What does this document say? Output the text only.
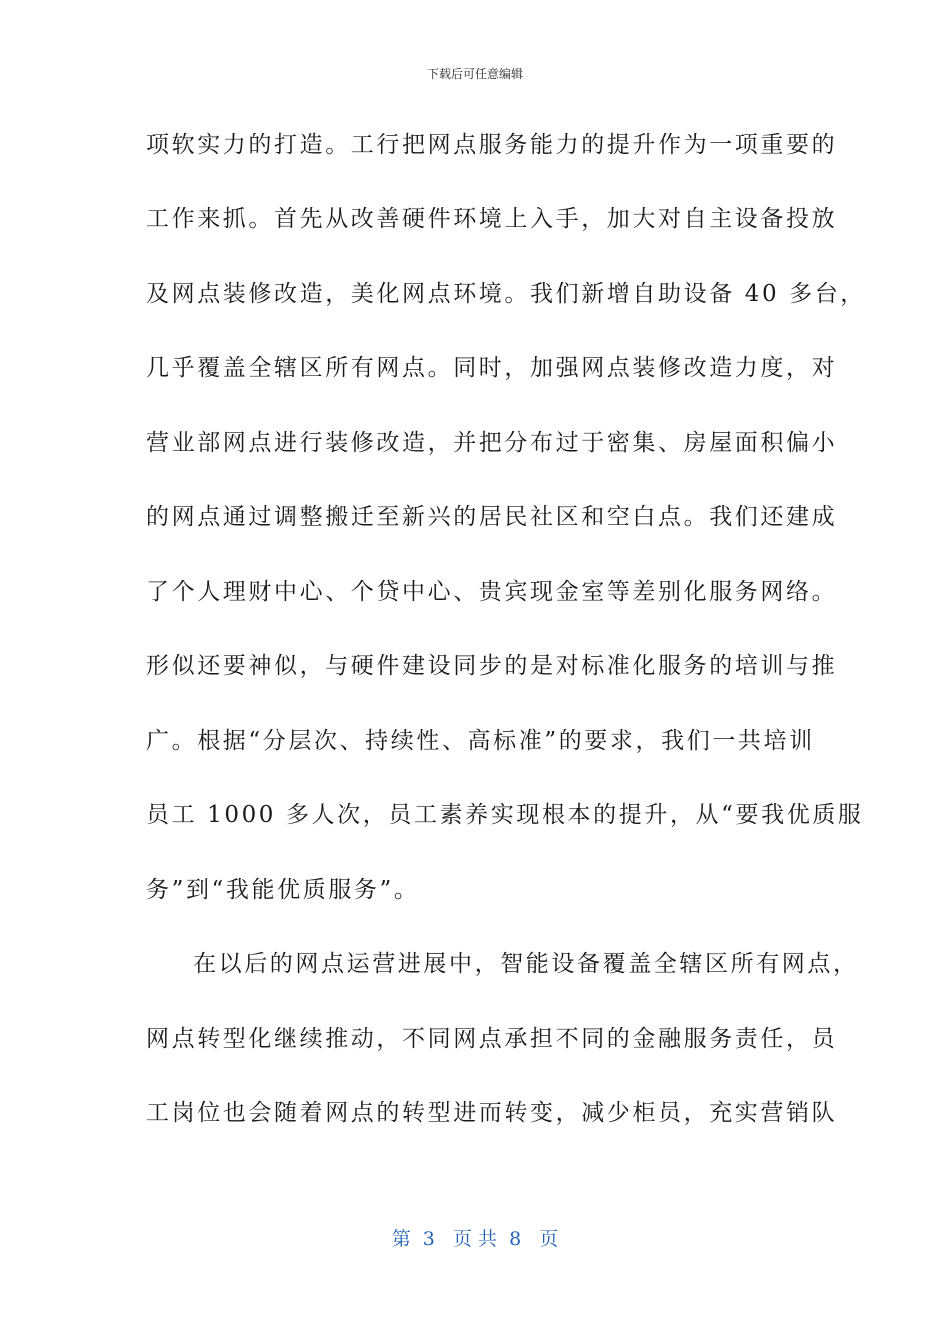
下载后可任意编辑
项软实力的打造。工行把网点服务能力的提升作为一项重要的
工作来抓。首先从改善硬件环境上入手，加大对自主设备投放
及网点装修改造，美化网点环境。我们新增自助设备 40 多台，
几乎覆盖全辖区所有网点。同时，加强网点装修改造力度，对
营业部网点进行装修改造，并把分布过于密集、房屋面积偏小
的网点通过调整搬迁至新兴的居民社区和空白点。我们还建成
了个人理财中心、个贷中心、贵宾现金室等差别化服务网络。
形似还要神似，与硬件建设同步的是对标准化服务的培训与推
广。根据“分层次、持续性、高标准”的要求，我们一共培训
员工 1000 多人次，员工素养实现根本的提升，从“要我优质服
务”到“我能优质服务”。
在以后的网点运营进展中，智能设备覆盖全辖区所有网点，
网点转型化继续推动，不同网点承担不同的金融服务责任，员
工岗位也会随着网点的转型进而转变，减少柜员，充实营销队
第  3   页 共  8   页
